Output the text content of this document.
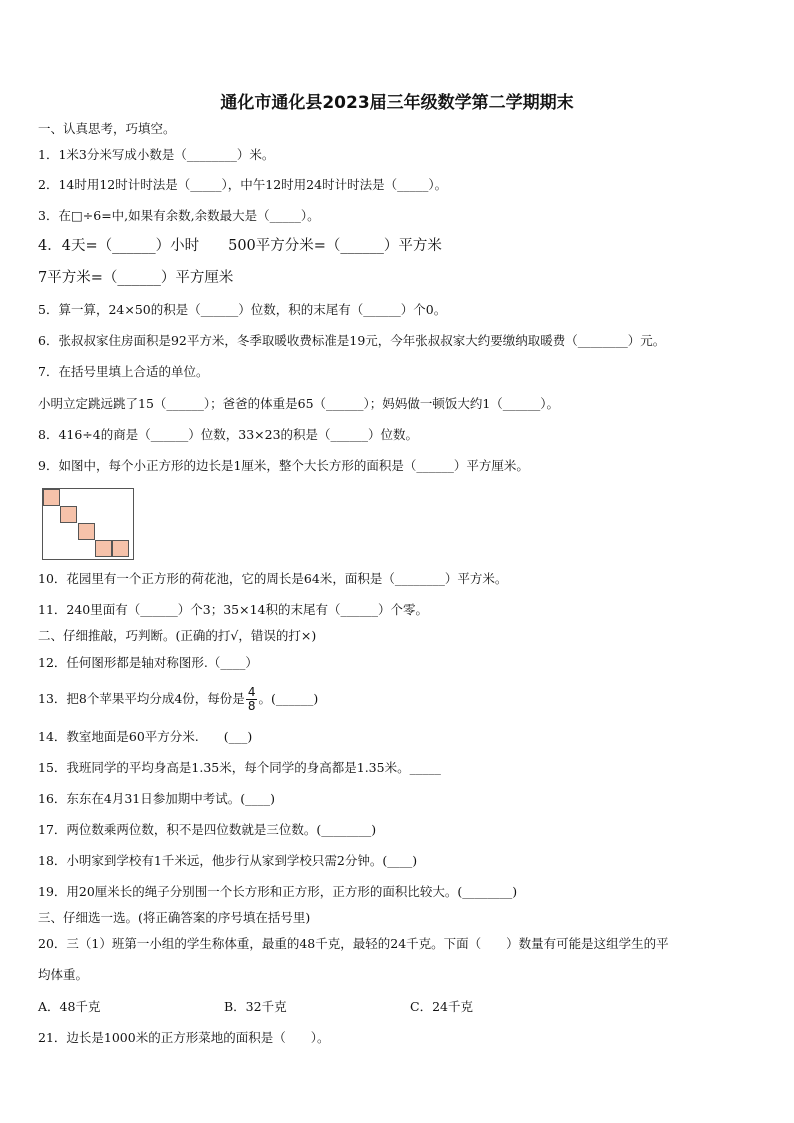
通化市通化县2023届三年级数学第二学期期末
一、认真思考，巧填空。
1．1米3分米写成小数是（________）米。
2．14时用12时计时法是（_____），中午12时用24时计时法是（_____）。
3．在□÷6=中,如果有余数,余数最大是（_____）。
4．4天=（______）小时　　500平方分米=（______）平方米
7平方米=（______）平方厘米
5．算一算，24×50的积是（______）位数，积的末尾有（______）个0。
6．张叔叔家住房面积是92平方米，冬季取暖收费标准是19元，今年张叔叔家大约要缴纳取暖费（________）元。
7．在括号里填上合适的单位。
小明立定跳远跳了15（______）；爸爸的体重是65（______）；妈妈做一顿饭大约1（______）。
8．416÷4的商是（______）位数，33×23的积是（______）位数。
9．如图中，每个小正方形的边长是1厘米，整个大长方形的面积是（______）平方厘米。
10．花园里有一个正方形的荷花池，它的周长是64米，面积是（________）平方米。
11．240里面有（______）个3；35×14积的末尾有（______）个零。
二、仔细推敲，巧判断。(正确的打√，错误的打×)
12．任何图形都是轴对称图形.（____）
13．把8个苹果平均分成4份，每份是 $\frac{4}{8}$ 。(______)
14．教室地面是60平方分米.　　(___)
15．我班同学的平均身高是1.35米，每个同学的身高都是1.35米。_____
16．东东在4月31日参加期中考试。(____)
17．两位数乘两位数，积不是四位数就是三位数。(________)
18．小明家到学校有1千米远，他步行从家到学校只需2分钟。(____)
19．用20厘米长的绳子分别围一个长方形和正方形，正方形的面积比较大。(________)
三、仔细选一选。(将正确答案的序号填在括号里)
20．三（1）班第一小组的学生称体重，最重的48千克，最轻的24千克。下面（　　）数量有可能是这组学生的平
均体重。
A．48千克	B．32千克	C．24千克
21．边长是1000米的正方形菜地的面积是（　　）。
